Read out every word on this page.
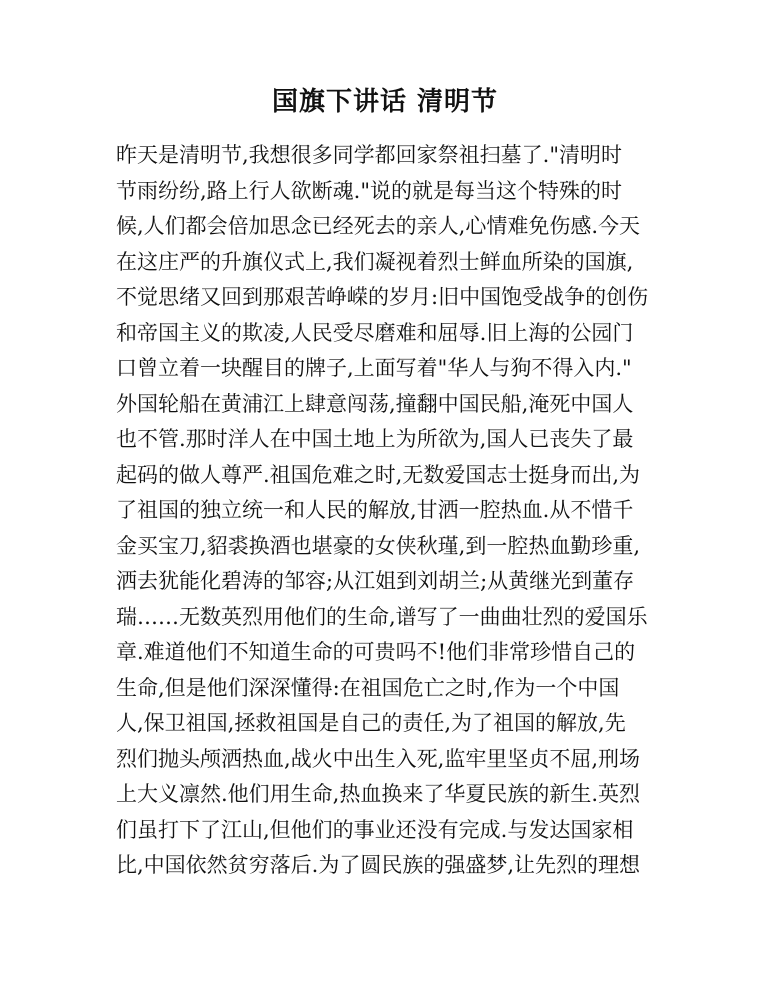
国旗下讲话 清明节
昨天是清明节,我想很多同学都回家祭祖扫墓了."清明时
节雨纷纷,路上行人欲断魂."说的就是每当这个特殊的时
候,人们都会倍加思念已经死去的亲人,心情难免伤感.今天
在这庄严的升旗仪式上,我们凝视着烈士鲜血所染的国旗,
不觉思绪又回到那艰苦峥嵘的岁月:旧中国饱受战争的创伤
和帝国主义的欺凌,人民受尽磨难和屈辱.旧上海的公园门
口曾立着一块醒目的牌子,上面写着"华人与狗不得入内."
外国轮船在黄浦江上肆意闯荡,撞翻中国民船,淹死中国人
也不管.那时洋人在中国土地上为所欲为,国人已丧失了最
起码的做人尊严.祖国危难之时,无数爱国志士挺身而出,为
了祖国的独立统一和人民的解放,甘洒一腔热血.从不惜千
金买宝刀,貂裘换酒也堪豪的女侠秋瑾,到一腔热血勤珍重,
洒去犹能化碧涛的邹容;从江姐到刘胡兰;从黄继光到董存
瑞……无数英烈用他们的生命,谱写了一曲曲壮烈的爱国乐
章.难道他们不知道生命的可贵吗不!他们非常珍惜自己的
生命,但是他们深深懂得:在祖国危亡之时,作为一个中国
人,保卫祖国,拯救祖国是自己的责任,为了祖国的解放,先
烈们抛头颅洒热血,战火中出生入死,监牢里坚贞不屈,刑场
上大义凛然.他们用生命,热血换来了华夏民族的新生.英烈
们虽打下了江山,但他们的事业还没有完成.与发达国家相
比,中国依然贫穷落后.为了圆民族的强盛梦,让先烈的理想
